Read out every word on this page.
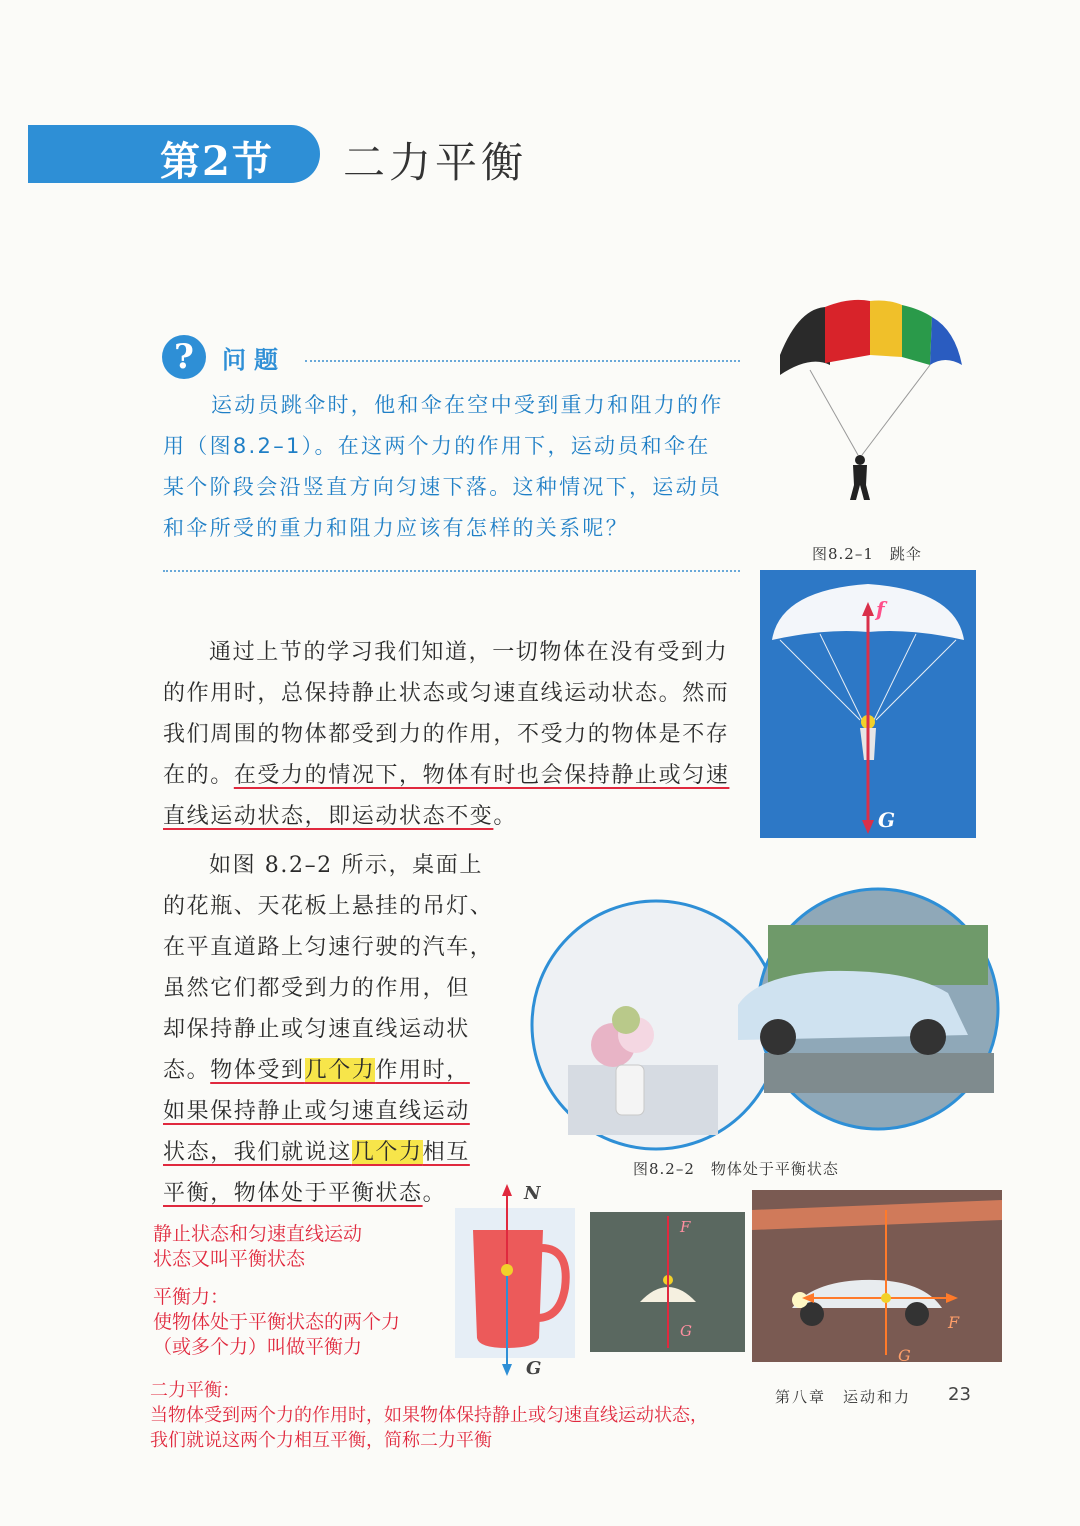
第2节 二力平衡
?	问题
运动员跳伞时，他和伞在空中受到重力和阻力的作
用（图8.2–1）。在这两个力的作用下，运动员和伞在
某个阶段会沿竖直方向匀速下落。这种情况下，运动员
和伞所受的重力和阻力应该有怎样的关系呢？
图8.2–1　跳伞
f
G
通过上节的学习我们知道，一切物体在没有受到力
的作用时，总保持静止状态或匀速直线运动状态。然而
我们周围的物体都受到力的作用，不受力的物体是不存
在的。在受力的情况下，物体有时也会保持静止或匀速
直线运动状态，即运动状态不变。
如图 8.2–2 所示，桌面上
的花瓶、天花板上悬挂的吊灯、
在平直道路上匀速行驶的汽车，
虽然它们都受到力的作用，但
却保持静止或匀速直线运动状
态。物体受到几个力作用时，
如果保持静止或匀速直线运动
状态，我们就说这几个力相互
平衡，物体处于平衡状态。
图8.2–2　物体处于平衡状态
N
G
F
G	F
G
静止状态和匀速直线运动
状态又叫平衡状态
平衡力：
使物体处于平衡状态的两个力
（或多个力）叫做平衡力
二力平衡：
当物体受到两个力的作用时，如果物体保持静止或匀速直线运动状态，
我们就说这两个力相互平衡，简称二力平衡
第八章　运动和力 23
